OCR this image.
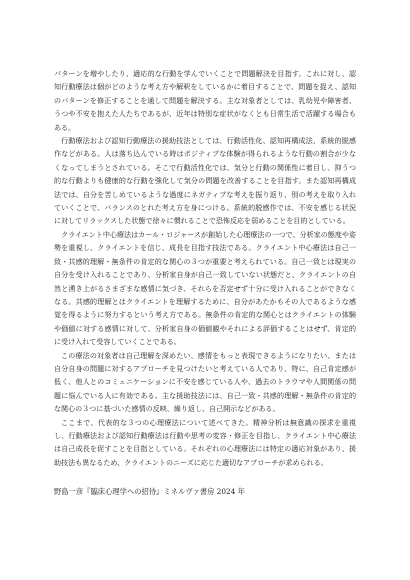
パターンを増やしたり、適応的な行動を学んでいくことで問題解決を目指す。これに対し、認知行動療法は個がどのような考え方や解釈をしているかに着目することで、問題を捉え、認知のパターンを修正することを通して問題を解決する。主な対象者としては、乳幼児や障害者、うつや不安を抱えた人たちであるが、近年は特別な症状がなくとも日常生活で活躍する場合もある。

行動療法および認知行動療法の援助技法としては、行動活性化、認知再構成法、系統的脱感作などがある。人は落ち込んでいる時はポジティブな体験が得られるような行動の割合が少なくなってしまうとされている。そこで行動活性化では、気分と行動の関係性に着目し、抑うつ的な行動よりも健康的な行動を強化して気分の問題を改善することを目指す。また認知再構成法では、自分を苦しめているような過度にネガティブな考えを振り返り、別の考えを取り入れていくことで、バランスのとれた考え方を身につける。系統的脱感作では、不安を感じる状況に対してリラックスした状態で徐々に慣れることで恐怖反応を弱めることを目的としている。

クライエント中心療法はカール・ロジャースが創始した心理療法の一つで、分析家の態度や姿勢を重視し、クライエントを信じ、成長を目指す技法である。クライエント中心療法は自己一致・共感的理解・無条件の肯定的な関心の３つが重要と考えられている。自己一致とは現実の自分を受け入れることであり、分析家自身が自己一致していない状態だと、クライエントの自然と湧き上がるさまざまな感情に気づき、それらを否定せず十分に受け入れることができなくなる。共感的理解とはクライエントを理解するために、自分があたかもその人であるような感覚を得るように努力するという考え方である。無条件の肯定的な関心とはクライエントの体験や価値に対する感情に対して、分析家自身の価値観やそれによる評価することはせず、肯定的に受け入れて受容していくことである。

この療法の対象者は自己理解を深めたい、感情をもっと表現できるようになりたい、または自分自身の問題に対するアプローチを見つけたいと考えている人であり、特に、自己肯定感が低く、他人とのコミュニケーションに不安を感じている人や、過去のトラウマや人間関係の問題に悩んでいる人に有効である。主な援助技法には、自己一致・共感的理解・無条件の肯定的な関心の３つに基づいた感情の反映、繰り返し、自己開示などがある。

ここまで、代表的な３つの心理療法について述べてきた。精神分析は無意識の探求を重視し、行動療法および認知行動療法は行動や思考の変容・修正を目指し、クライエント中心療法は自己成長を促すことを目指としている。それぞれの心理療法には特定の適応対象があり、援助技法も異なるため、クライエントのニーズに応じた適切なアプローチが求められる。

野島一彦『臨床心理学への招待』ミネルヴァ書房 2024 年
